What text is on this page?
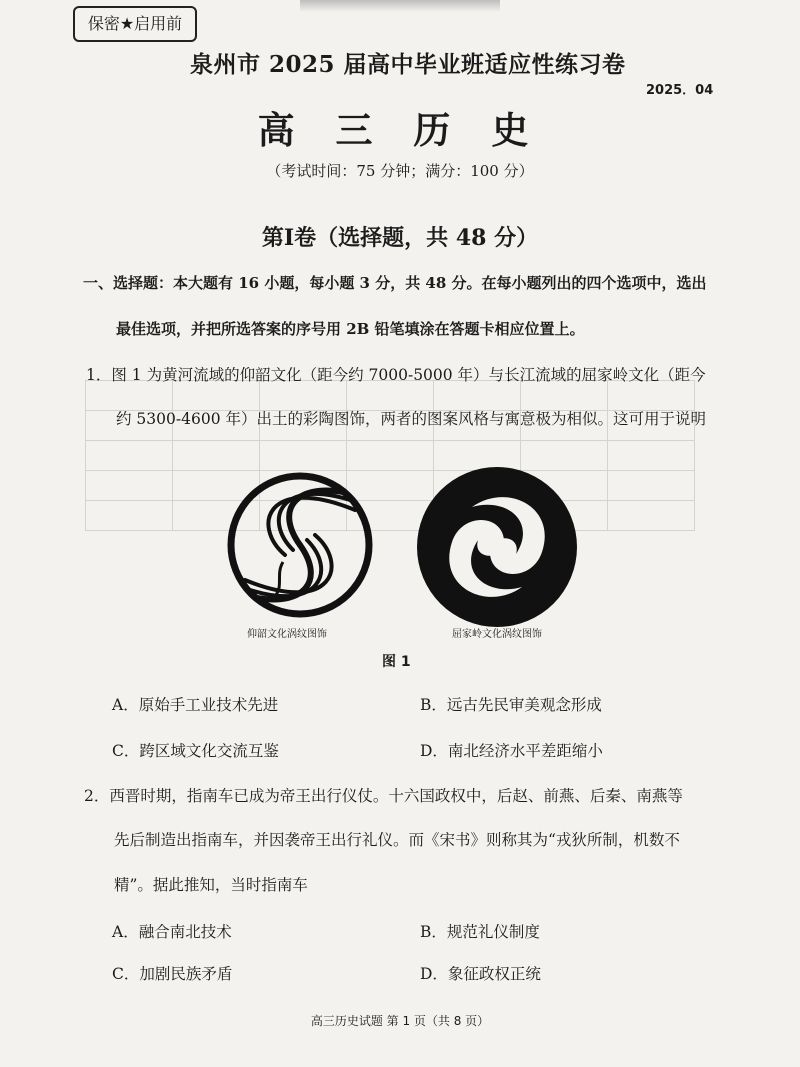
保密★启用前
泉州市 2025 届高中毕业班适应性练习卷
2025．04
高 三 历 史
（考试时间：75 分钟；满分：100 分）
第Ⅰ卷（选择题，共 48 分）
一、选择题：本大题有 16 小题，每小题 3 分，共 48 分。在每小题列出的四个选项中，选出
最佳选项，并把所选答案的序号用 2B 铅笔填涂在答题卡相应位置上。
1．图 1 为黄河流域的仰韶文化（距今约 7000-5000 年）与长江流域的屈家岭文化（距今
约 5300-4600 年）出土的彩陶图饰，两者的图案风格与寓意极为相似。这可用于说明
仰韶文化涡纹图饰	屈家岭文化涡纹图饰
图 1
A．原始手工业技术先进	B．远古先民审美观念形成
C．跨区域文化交流互鉴	D．南北经济水平差距缩小
2．西晋时期，指南车已成为帝王出行仪仗。十六国政权中，后赵、前燕、后秦、南燕等
先后制造出指南车，并因袭帝王出行礼仪。而《宋书》则称其为“戎狄所制，机数不
精”。据此推知，当时指南车
A．融合南北技术	B．规范礼仪制度
C．加剧民族矛盾	D．象征政权正统
高三历史试题 第 1 页（共 8 页）
